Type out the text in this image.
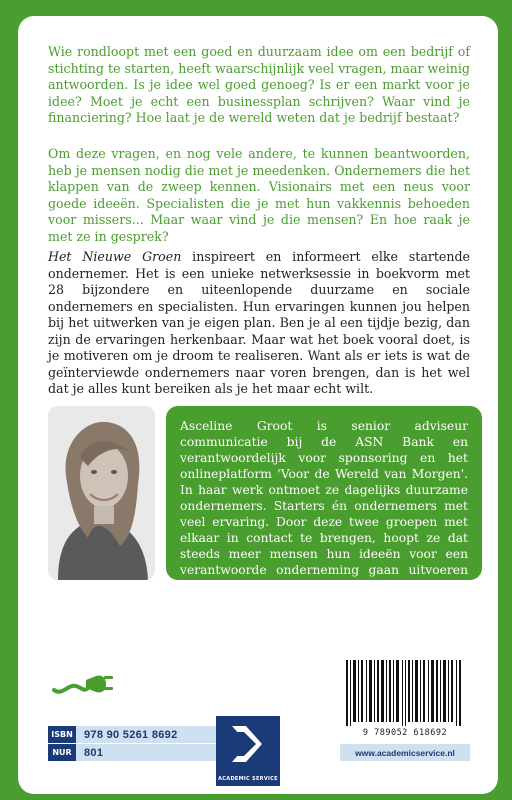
Wie rondloopt met een goed en duurzaam idee om een bedrijf of stichting te starten, heeft waarschijnlijk veel vragen, maar weinig antwoorden. Is je idee wel goed genoeg? Is er een markt voor je idee? Moet je echt een businessplan schrijven? Waar vind je financiering? Hoe laat je de wereld weten dat je bedrijf bestaat?

Om deze vragen, en nog vele andere, te kunnen beantwoorden, heb je mensen nodig die met je meedenken. Ondernemers die het klappen van de zweep kennen. Visionairs met een neus voor goede ideeën. Specialisten die je met hun vakkennis behoeden voor missers... Maar waar vind je die mensen? En hoe raak je met ze in gesprek?

Het Nieuwe Groen inspireert en informeert elke startende ondernemer. Het is een unieke netwerksessie in boekvorm met 28 bijzondere en uiteenlopende duurzame en sociale ondernemers en specialisten. Hun ervaringen kunnen jou helpen bij het uitwerken van je eigen plan. Ben je al een tijdje bezig, dan zijn de ervaringen herkenbaar. Maar wat het boek vooral doet, is je motiveren om je droom te realiseren. Want als er iets is wat de geïnterviewde ondernemers naar voren brengen, dan is het wel dat je alles kunt bereiken als je het maar echt wilt.

Asceline Groot is senior adviseur communicatie bij de ASN Bank en verantwoordelijk voor sponsoring en het onlineplatform 'Voor de Wereld van Morgen'. In haar werk ontmoet ze dagelijks duurzame ondernemers. Starters én ondernemers met veel ervaring. Door deze twee groepen met elkaar in contact te brengen, hoopt ze dat steeds meer mensen hun ideeën voor een verantwoorde onderneming gaan uitvoeren en daarmee de wereld een beetje mooier maken.

9 789052 618692
ISBN 978 90 5261 8692
NUR	801
ACADEMIC SERVICE
www.academicservice.nl
